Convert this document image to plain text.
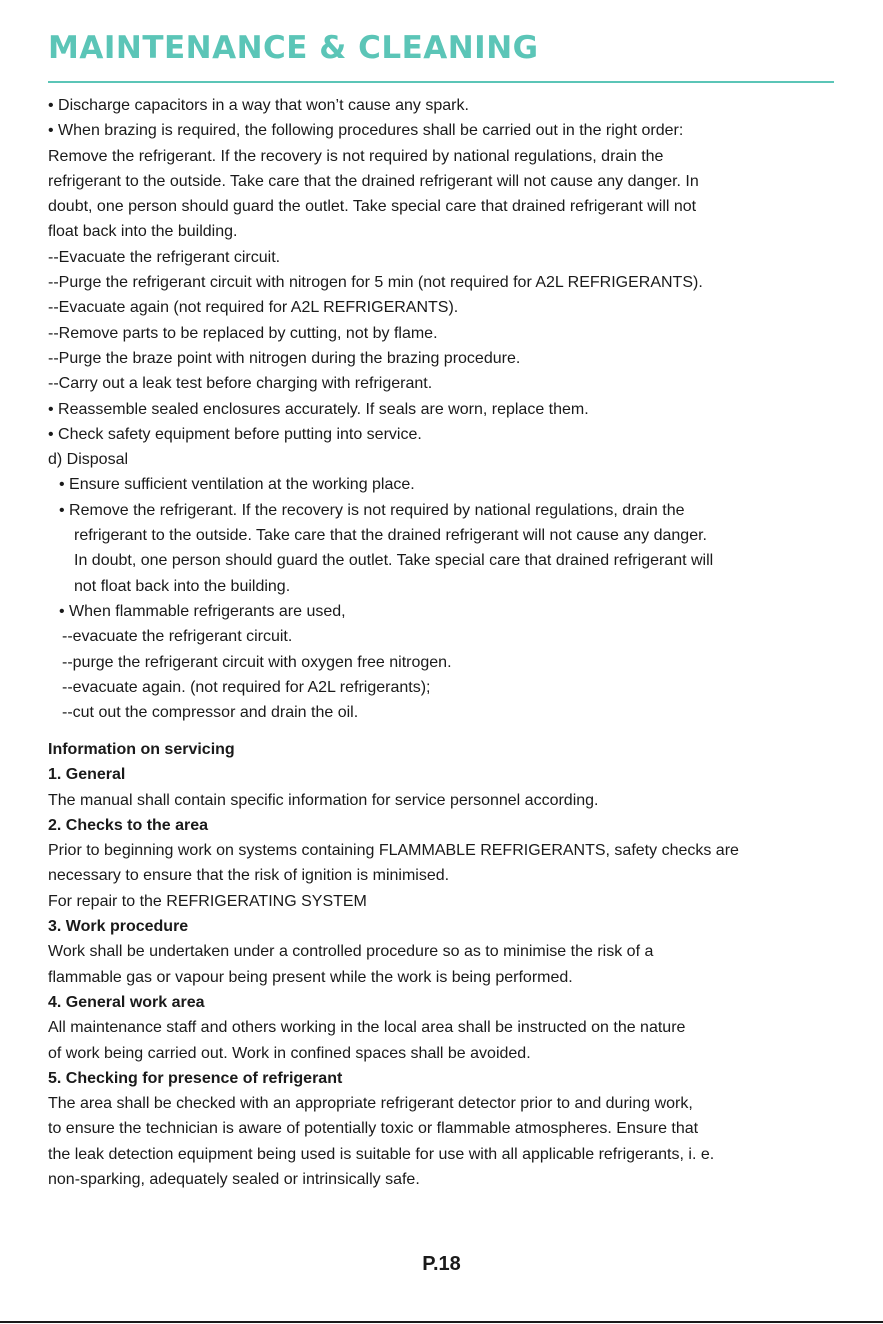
MAINTENANCE & CLEANING
• Discharge capacitors in a way that won’t cause any spark.
• When brazing is required, the following procedures shall be carried out in the right order:
Remove the refrigerant. If the recovery is not required by national regulations, drain the
refrigerant to the outside. Take care that the drained refrigerant will not cause any danger. In
doubt, one person should guard the outlet. Take special care that drained refrigerant will not
float back into the building.
--Evacuate the refrigerant circuit.
--Purge the refrigerant circuit with nitrogen for 5 min (not required for A2L REFRIGERANTS).
--Evacuate again (not required for A2L REFRIGERANTS).
--Remove parts to be replaced by cutting, not by flame.
--Purge the braze point with nitrogen during the brazing procedure.
--Carry out a leak test before charging with refrigerant.
• Reassemble sealed enclosures accurately. If seals are worn, replace them.
• Check safety equipment before putting into service.
d) Disposal
• Ensure sufficient ventilation at the working place.
• Remove the refrigerant. If the recovery is not required by national regulations, drain the
refrigerant to the outside. Take care that the drained refrigerant will not cause any danger.
In doubt, one person should guard the outlet. Take special care that drained refrigerant will
not float back into the building.
• When flammable refrigerants are used,
--evacuate the refrigerant circuit.
--purge the refrigerant circuit with oxygen free nitrogen.
--evacuate again. (not required for A2L refrigerants);
--cut out the compressor and drain the oil.
Information on servicing
1. General
The manual shall contain specific information for service personnel according.
2. Checks to the area
Prior to beginning work on systems containing FLAMMABLE REFRIGERANTS, safety checks are
necessary to ensure that the risk of ignition is minimised.
For repair to the REFRIGERATING SYSTEM
3. Work procedure
Work shall be undertaken under a controlled procedure so as to minimise the risk of a
flammable gas or vapour being present while the work is being performed.
4. General work area
All maintenance staff and others working in the local area shall be instructed on the nature
of work being carried out. Work in confined spaces shall be avoided.
5. Checking for presence of refrigerant
The area shall be checked with an appropriate refrigerant detector prior to and during work,
to ensure the technician is aware of potentially toxic or flammable atmospheres. Ensure that
the leak detection equipment being used is suitable for use with all applicable refrigerants, i. e.
non-sparking, adequately sealed or intrinsically safe.
P.18
